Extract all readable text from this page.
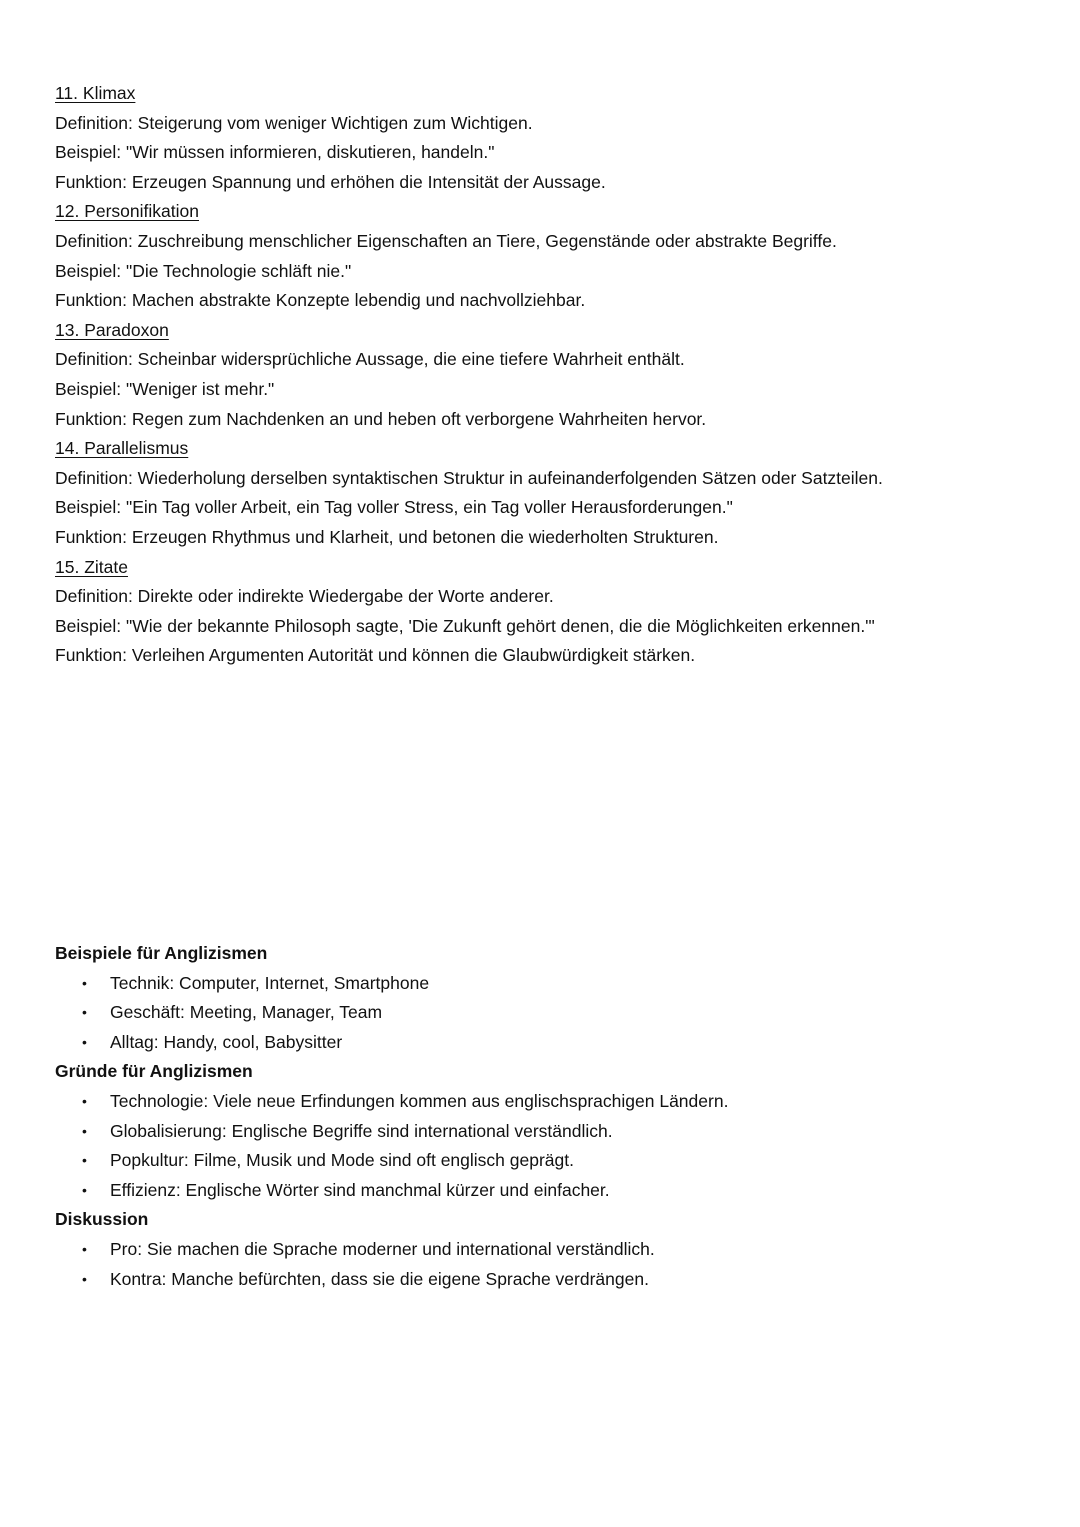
11. Klimax
Definition: Steigerung vom weniger Wichtigen zum Wichtigen.
Beispiel: "Wir müssen informieren, diskutieren, handeln."
Funktion: Erzeugen Spannung und erhöhen die Intensität der Aussage.
12. Personifikation
Definition: Zuschreibung menschlicher Eigenschaften an Tiere, Gegenstände oder abstrakte Begriffe.
Beispiel: "Die Technologie schläft nie."
Funktion: Machen abstrakte Konzepte lebendig und nachvollziehbar.
13. Paradoxon
Definition: Scheinbar widersprüchliche Aussage, die eine tiefere Wahrheit enthält.
Beispiel: "Weniger ist mehr."
Funktion: Regen zum Nachdenken an und heben oft verborgene Wahrheiten hervor.
14. Parallelismus
Definition: Wiederholung derselben syntaktischen Struktur in aufeinanderfolgenden Sätzen oder Satzteilen.
Beispiel: "Ein Tag voller Arbeit, ein Tag voller Stress, ein Tag voller Herausforderungen."
Funktion: Erzeugen Rhythmus und Klarheit, und betonen die wiederholten Strukturen.
15. Zitate
Definition: Direkte oder indirekte Wiedergabe der Worte anderer.
Beispiel: "Wie der bekannte Philosoph sagte, 'Die Zukunft gehört denen, die die Möglichkeiten erkennen.'"
Funktion: Verleihen Argumenten Autorität und können die Glaubwürdigkeit stärken.
Beispiele für Anglizismen
• Technik: Computer, Internet, Smartphone
• Geschäft: Meeting, Manager, Team
• Alltag: Handy, cool, Babysitter
Gründe für Anglizismen
• Technologie: Viele neue Erfindungen kommen aus englischsprachigen Ländern.
• Globalisierung: Englische Begriffe sind international verständlich.
• Popkultur: Filme, Musik und Mode sind oft englisch geprägt.
• Effizienz: Englische Wörter sind manchmal kürzer und einfacher.
Diskussion
• Pro: Sie machen die Sprache moderner und international verständlich.
• Kontra: Manche befürchten, dass sie die eigene Sprache verdrängen.
